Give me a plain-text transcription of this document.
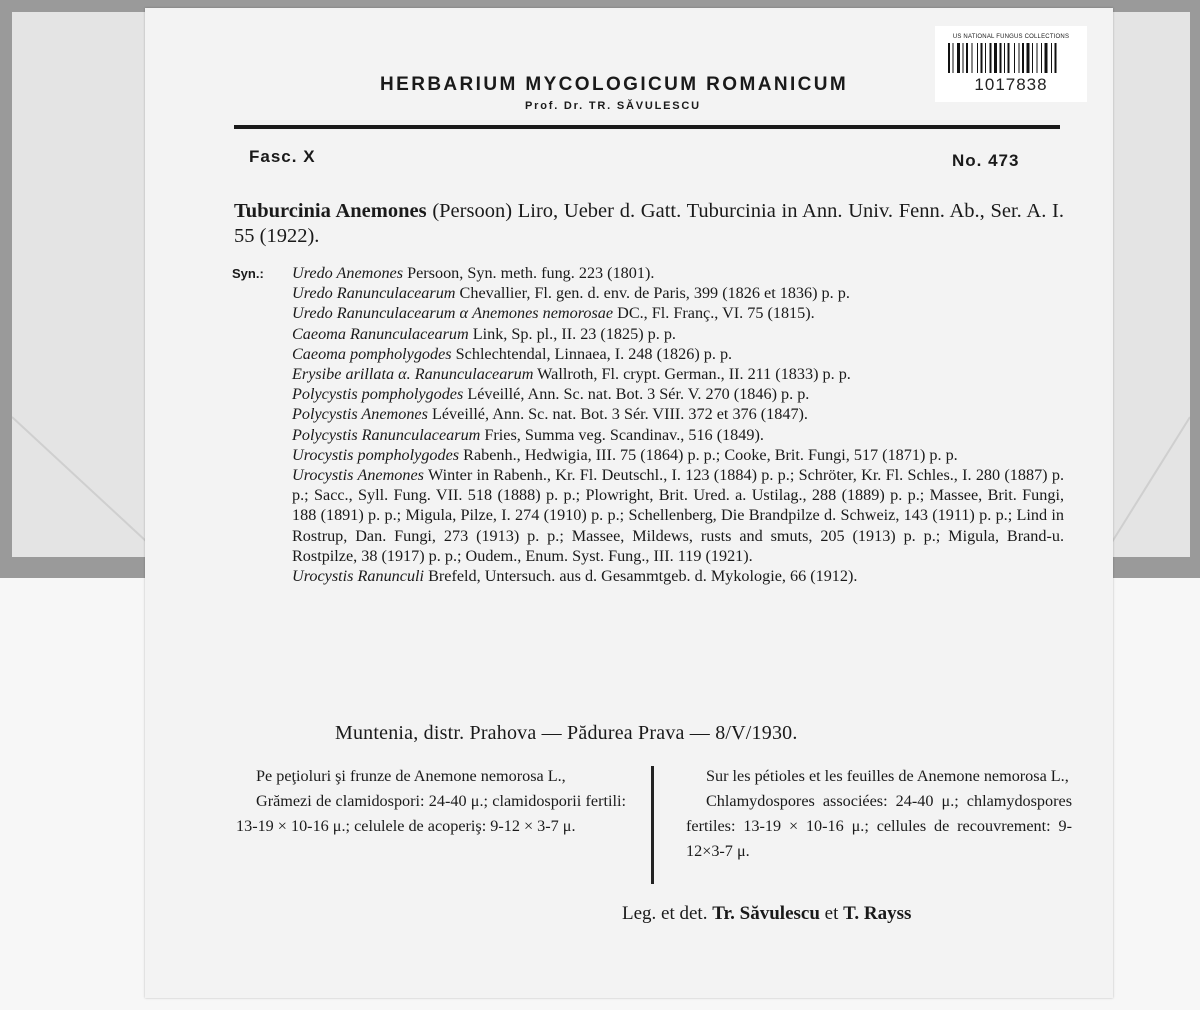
US NATIONAL FUNGUS COLLECTIONS
1017838
HERBARIUM MYCOLOGICUM ROMANICUM
Prof. Dr. TR. SĂVULESCU
Fasc. X	No. 473
Tuburcinia Anemones (Persoon) Liro, Ueber d. Gatt. Tuburcinia in Ann. Univ. Fenn. Ab., Ser. A. I. 55 (1922).
Syn.: Uredo Anemones Persoon, Syn. meth. fung. 223 (1801).
Uredo Ranunculacearum Chevallier, Fl. gen. d. env. de Paris, 399 (1826 et 1836) p. p.
Uredo Ranunculacearum α Anemones nemorosae DC., Fl. Franç., VI. 75 (1815).
Caeoma Ranunculacearum Link, Sp. pl., II. 23 (1825) p. p.
Caeoma pompholygodes Schlechtendal, Linnaea, I. 248 (1826) p. p.
Erysibe arillata α. Ranunculacearum Wallroth, Fl. crypt. German., II. 211 (1833) p. p.
Polycystis pompholygodes Léveillé, Ann. Sc. nat. Bot. 3 Sér. V. 270 (1846) p. p.
Polycystis Anemones Léveillé, Ann. Sc. nat. Bot. 3 Sér. VIII. 372 et 376 (1847).
Polycystis Ranunculacearum Fries, Summa veg. Scandinav., 516 (1849).
Urocystis pompholygodes Rabenh., Hedwigia, III. 75 (1864) p. p.; Cooke, Brit. Fungi, 517 (1871) p. p.
Urocystis Anemones Winter in Rabenh., Kr. Fl. Deutschl., I. 123 (1884) p. p.; Schröter, Kr. Fl. Schles., I. 280 (1887) p. p.; Sacc., Syll. Fung. VII. 518 (1888) p. p.; Plowright, Brit. Ured. a. Ustilag., 288 (1889) p. p.; Massee, Brit. Fungi, 188 (1891) p. p.; Migula, Pilze, I. 274 (1910) p. p.; Schellenberg, Die Brandpilze d. Schweiz, 143 (1911) p. p.; Lind in Rostrup, Dan. Fungi, 273 (1913) p. p.; Massee, Mildews, rusts and smuts, 205 (1913) p. p.; Migula, Brand-u. Rostpilze, 38 (1917) p. p.; Oudem., Enum. Syst. Fung., III. 119 (1921).
Urocystis Ranunculi Brefeld, Untersuch. aus d. Gesammtgeb. d. Mykologie, 66 (1912).
Muntenia, distr. Prahova — Pădurea Prava — 8/V/1930.

Pe peţioluri şi frunze de Anemone nemorosa L.,

Grămezi de clamidospori: 24-40 μ.; clamidosporii fertili: 13-19 × 10-16 μ.; celulele de acoperiş: 9-12 × 3-7 μ.

Sur les pétioles et les feuilles de Anemone nemorosa L.,

Chlamydospores associées: 24-40 μ.; chlamydospores fertiles: 13-19 × 10-16 μ.; cellules de recouvrement: 9-12×3-7 μ.

Leg. et det. Tr. Săvulescu et T. Rayss
